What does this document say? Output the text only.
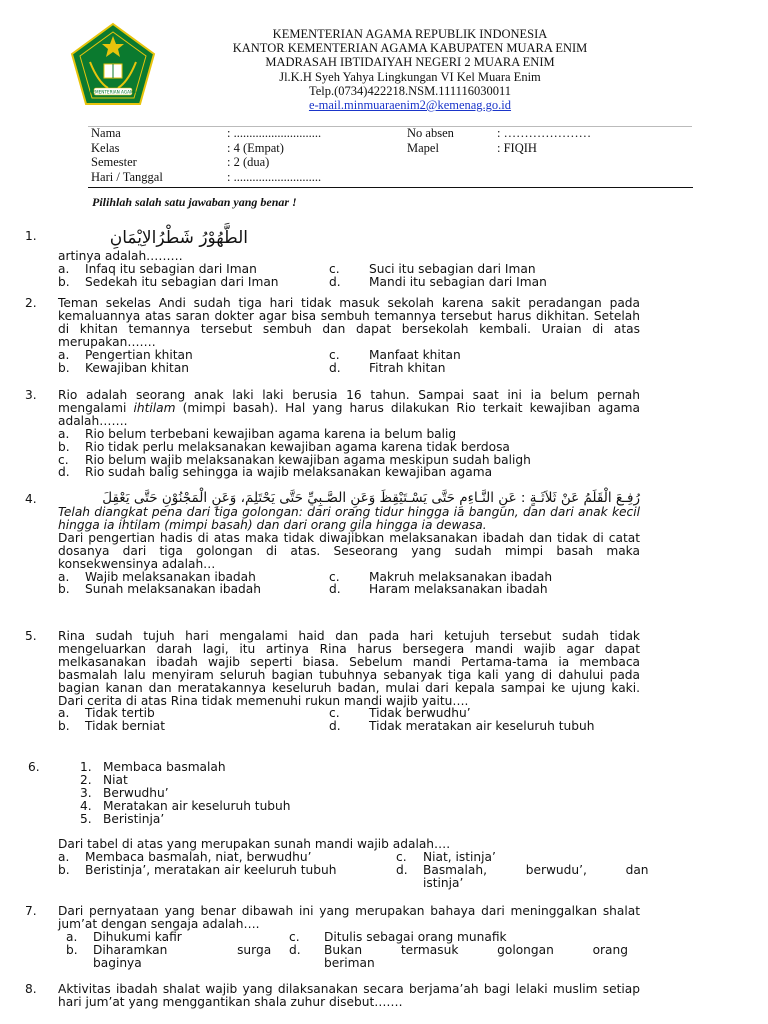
KEMENTERIAN AGAMA
KEMENTERIAN AGAMA REPUBLIK INDONESIA
KANTOR KEMENTERIAN AGAMA KABUPATEN MUARA ENIM
MADRASAH IBTIDAIYAH NEGERI 2 MUARA ENIM
Jl.K.H Syeh Yahya Lingkungan VI Kel Muara Enim
Telp.(0734)422218.NSM.111116030011
e-mail.minmuaraenim2@kemenag.go.id
Nama	: ............................	No absen	: …………………
Kelas	: 4 (Empat)	Mapel	: FIQIH
Semester	: 2 (dua)
Hari / Tanggal	: ............................
Pilihlah salah satu jawaban yang benar !
1.	الطَّهُوْرُ شَطْرُالاِيْمَانِ

artinya adalah………

a. Infaq itu sebagian dari Iman	c. Suci itu sebagian dari Iman
b. Sedekah itu sebagian dari Iman	d. Mandi itu sebagian dari Iman
2. Teman sekelas Andi sudah tiga hari tidak masuk sekolah karena sakit peradangan pada kemaluannya atas saran dokter agar bisa sembuh temannya tersebut harus dikhitan. Setelah di khitan temannya tersebut sembuh dan dapat bersekolah kembali. Uraian di atas merupakan…….

a. Pengertian khitan	c. Manfaat khitan
b. Kewajiban khitan	d. Fitrah khitan
3. Rio adalah seorang anak laki laki berusia 16 tahun. Sampai saat ini ia belum pernah mengalami ihtilam (mimpi basah). Hal yang harus dilakukan Rio terkait kewajiban agama adalah…….

a. Rio belum terbebani kewajiban agama karena ia belum balig
b. Rio tidak perlu melaksanakan kewajiban agama karena tidak berdosa
c. Rio belum wajib melaksanakan kewajiban agama meskipun sudah baligh
d. Rio sudah balig sehingga ia wajib melaksanakan kewajiban agama
4.	رُفِـعَ الْقَلَمُ عَنْ ثَلاَثَـةٍ : عَنِ النَّـاءِمِ حَتَّى يَسْـتَيْقِظَ وَعَنِ الصَّـبِيِّ حَتَّى يَحْتَلِمَ، وَعَنِ الْمَجْنُوْنِ حَتَّى يَعْقِلَ

Telah diangkat pena dari tiga golongan: dari orang tidur hingga ia bangun, dan dari anak kecil hingga ia ihtilam (mimpi basah) dan dari orang gila hingga ia dewasa.

Dari pengertian hadis di atas maka tidak diwajibkan melaksanakan ibadah dan tidak di catat dosanya dari tiga golongan di atas. Seseorang yang sudah mimpi basah maka konsekwensinya adalah…

a. Wajib melaksanakan ibadah	c. Makruh melaksanakan ibadah
b. Sunah melaksanakan ibadah	d. Haram melaksanakan ibadah
5. Rina sudah tujuh hari mengalami haid dan pada hari ketujuh tersebut sudah tidak mengeluarkan darah lagi, itu artinya Rina harus bersegera mandi wajib agar dapat melkasanakan ibadah wajib seperti biasa. Sebelum mandi Pertama-tama ia membaca basmalah lalu menyiram seluruh bagian tubuhnya sebanyak tiga kali yang di dahului pada bagian kanan dan meratakannya keseluruh badan, mulai dari kepala sampai ke ujung kaki. Dari cerita di atas Rina tidak memenuhi rukun mandi wajib yaitu….

a. Tidak tertib	c. Tidak berwudhu’
b. Tidak berniat	d. Tidak meratakan air keseluruh tubuh
6.	1. Membaca basmalah
2. Niat
3. Berwudhu’
4. Meratakan air keseluruh tubuh
5. Beristinja’

Dari tabel di atas yang merupakan sunah mandi wajib adalah….

a. Membaca basmalah, niat, berwudhu’	c. Niat, istinja’
b. Beristinja’, meratakan air keeluruh tubuh	d. Basmalah,          berwudu’,          dan
istinja’
7. Dari pernyataan yang benar dibawah ini yang merupakan bahaya dari meninggalkan shalat jum’at dengan sengaja adalah….

a. Dihukumi kafir	c. Ditulis sebagai orang munafik
b. Diharamkan                  surga d. Bukan          termasuk          golongan          orang
baginya	beriman
8. Aktivitas ibadah shalat wajib yang dilaksanakan secara berjama’ah bagi lelaki muslim setiap hari jum’at yang menggantikan shala zuhur disebut…….
